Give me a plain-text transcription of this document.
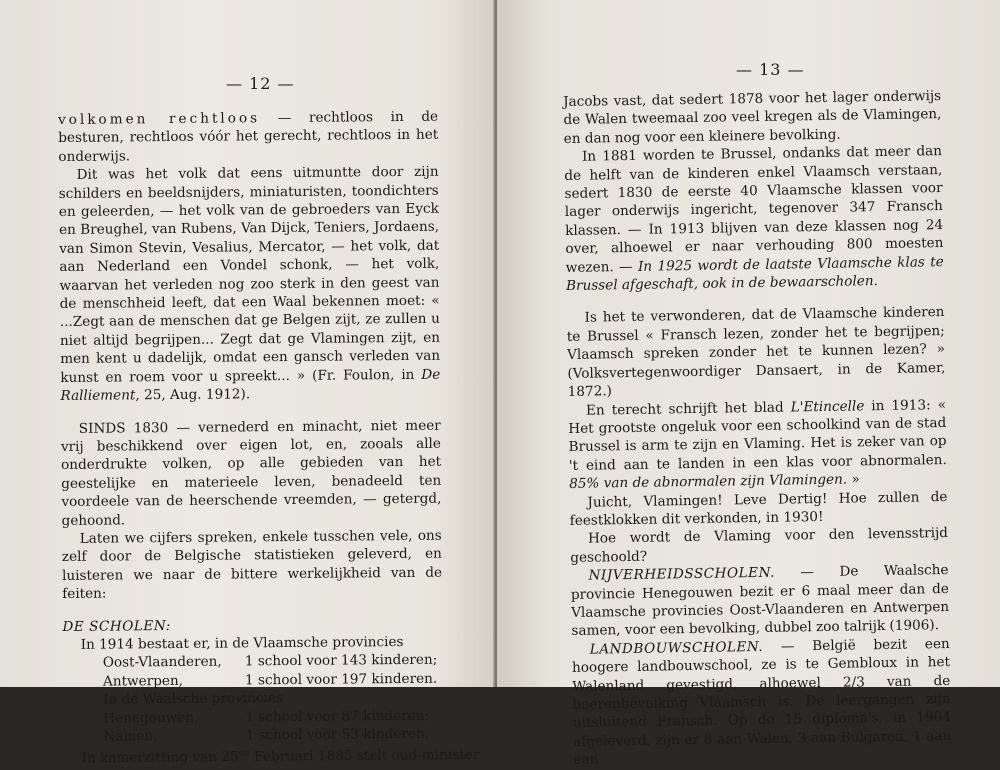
— 12 —

volkomen rechtloos — rechtloos in de besturen, rechtloos vóór het gerecht, rechtloos in het onderwijs.

Dit was het volk dat eens uitmuntte door zijn schilders en beeldsnijders, miniaturisten, toondichters en geleerden, — het volk van de gebroeders van Eyck en Breughel, van Rubens, Van Dijck, Teniers, Jordaens, van Simon Stevin, Vesalius, Mercator, — het volk, dat aan Nederland een Vondel schonk, — het volk, waarvan het verleden nog zoo sterk in den geest van de menschheid leeft, dat een Waal bekennen moet: « ...Zegt aan de menschen dat ge Belgen zijt, ze zullen u niet altijd begrijpen... Zegt dat ge Vlamingen zijt, en men kent u dadelijk, omdat een gansch verleden van kunst en roem voor u spreekt... » (Fr. Foulon, in De Ralliement, 25, Aug. 1912).

SINDS 1830 — vernederd en minacht, niet meer vrij beschikkend over eigen lot, en, zooals alle onderdrukte volken, op alle gebieden van het geestelijke en materieele leven, benadeeld ten voordeele van de heerschende vreemden, — getergd, gehoond.

Laten we cijfers spreken, enkele tusschen vele, ons zelf door de Belgische statistieken geleverd, en luisteren we naar de bittere werkelijkheid van de feiten:

DE SCHOLEN:
In 1914 bestaat er, in de Vlaamsche provincies
Oost-Vlaanderen,	1 school voor 143 kinderen;
Antwerpen,	1 school voor 197 kinderen.
In de Waalsche provincies
Henegouwen,	1 school voor 87 kinderen;
Namen,	1 school voor 53 kinderen.
In kamerzitting van $25^{en}$ Februari 1885 stelt oud-minister
— 13 —

Jacobs vast, dat sedert 1878 voor het lager onderwijs de Walen tweemaal zoo veel kregen als de Vlamingen, en dan nog voor een kleinere bevolking.

In 1881 worden te Brussel, ondanks dat meer dan de helft van de kinderen enkel Vlaamsch verstaan, sedert 1830 de eerste 40 Vlaamsche klassen voor lager onderwijs ingericht, tegenover 347 Fransch klassen. — In 1913 blijven van deze klassen nog 24 over, alhoewel er naar verhouding 800 moesten wezen. — In 1925 wordt de laatste Vlaamsche klas te Brussel afgeschaft, ook in de bewaarscholen.

Is het te verwonderen, dat de Vlaamsche kinderen te Brussel « Fransch lezen, zonder het te begrijpen; Vlaamsch spreken zonder het te kunnen lezen? » (Volksvertegenwoordiger Dansaert, in de Kamer, 1872.)

En terecht schrijft het blad L'Etincelle in 1913: « Het grootste ongeluk voor een schoolkind van de stad Brussel is arm te zijn en Vlaming. Het is zeker van op 't eind aan te landen in een klas voor abnormalen. 85% van de abnormalen zijn Vlamingen. »

Juicht, Vlamingen! Leve Dertig! Hoe zullen de feestklokken dit verkonden, in 1930!

Hoe wordt de Vlaming voor den levensstrijd geschoold?

NIJVERHEIDSSCHOLEN. — De Waalsche provincie Henegouwen bezit er 6 maal meer dan de Vlaamsche provincies Oost-Vlaanderen en Antwerpen samen, voor een bevolking, dubbel zoo talrijk (1906).

LANDBOUWSCHOLEN. — België bezit een hoogere landbouwschool, ze is te Gembloux in het Walenland gevestigd, alhoewel 2/3 van de boerenbevolking Vlaamsch is. De leergangen zijn uitsluitend Fransch. Op de 15 diploma's, in 1904 afgeleverd, zijn er 8 aan Walen, 3 aan Bulgaren, 1 aan een
